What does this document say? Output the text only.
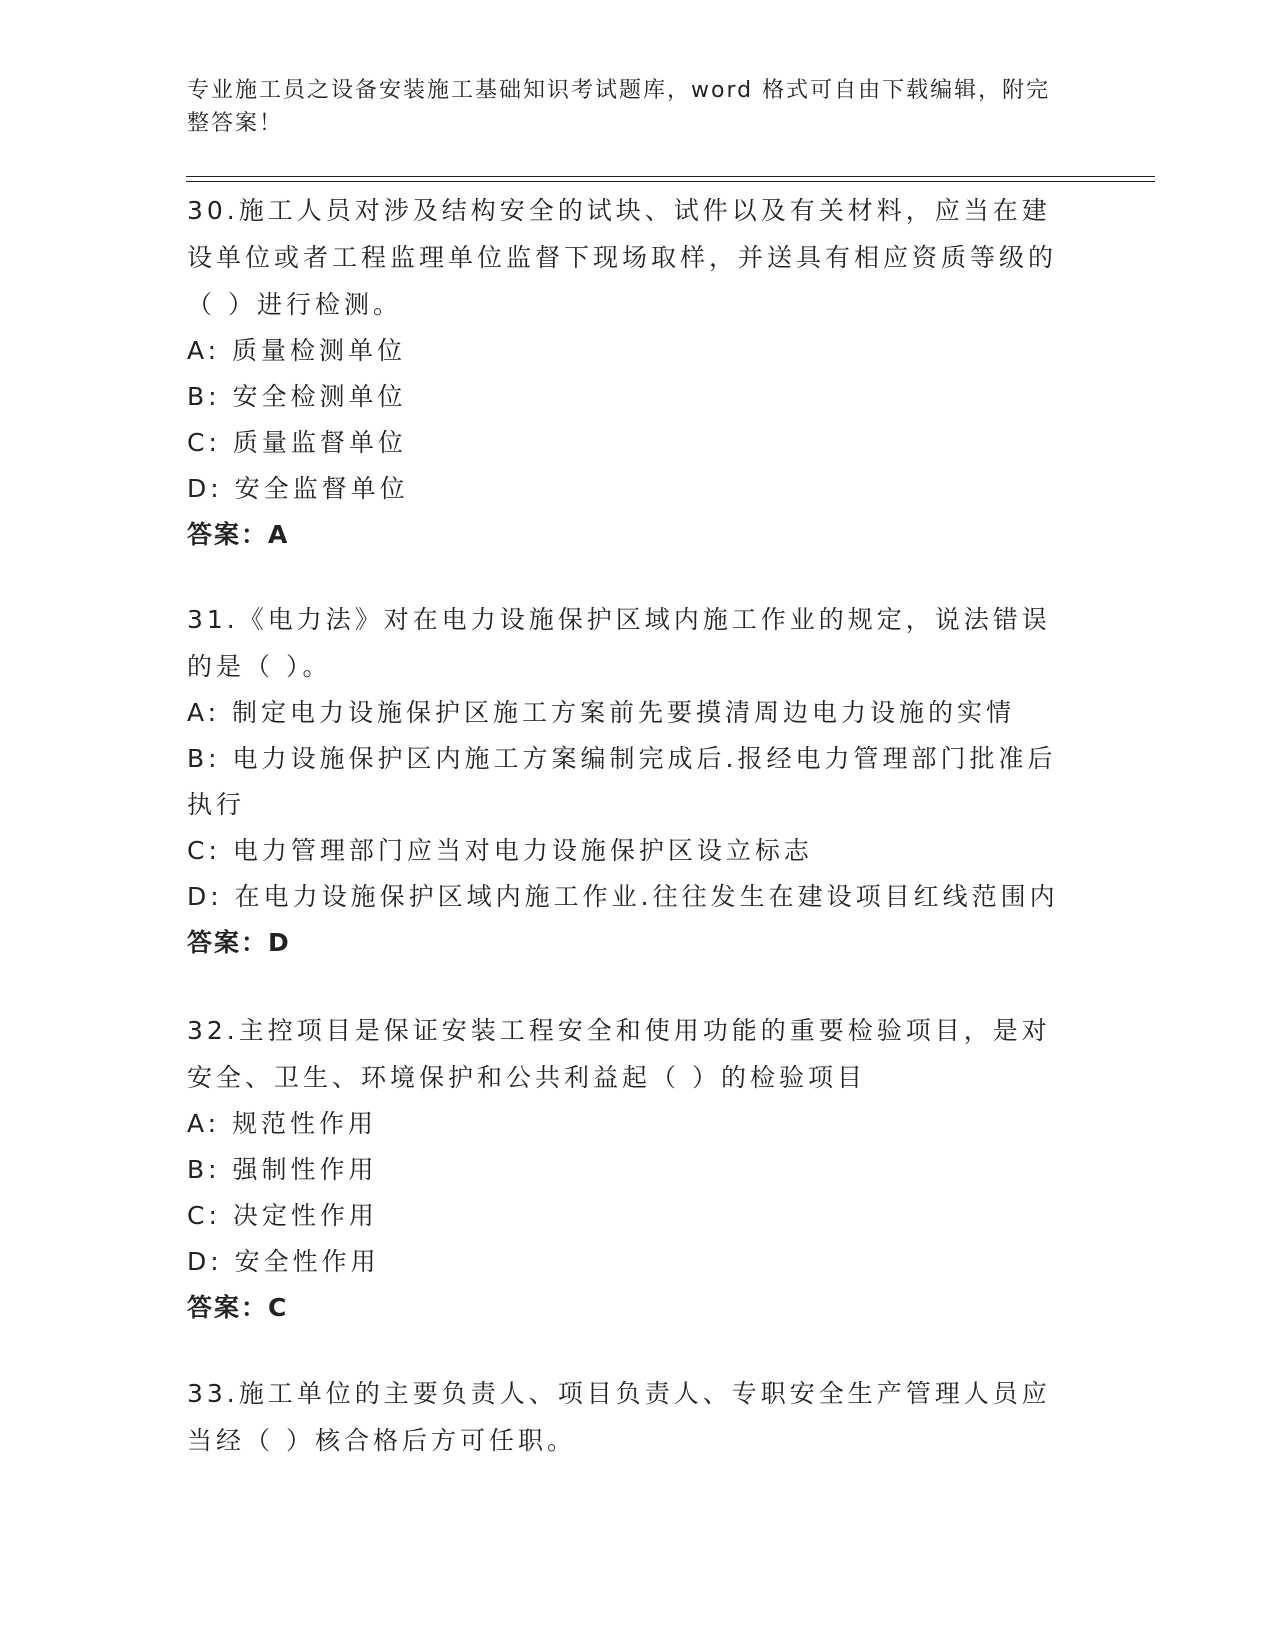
专业施工员之设备安装施工基础知识考试题库，word 格式可自由下载编辑，附完整答案！

30.施工人员对涉及结构安全的试块、试件以及有关材料，应当在建设单位或者工程监理单位监督下现场取样，并送具有相应资质等级的（ ）进行检测。

A: 质量检测单位
B: 安全检测单位
C: 质量监督单位
D: 安全监督单位

答案：A

31.《电力法》对在电力设施保护区域内施工作业的规定，说法错误的是（ ）。

A: 制定电力设施保护区施工方案前先要摸清周边电力设施的实情
B: 电力设施保护区内施工方案编制完成后.报经电力管理部门批准后执行
C: 电力管理部门应当对电力设施保护区设立标志
D: 在电力设施保护区域内施工作业.往往发生在建设项目红线范围内

答案：D

32.主控项目是保证安装工程安全和使用功能的重要检验项目，是对安全、卫生、环境保护和公共利益起（ ）的检验项目

A: 规范性作用
B: 强制性作用
C: 决定性作用
D: 安全性作用

答案：C

33.施工单位的主要负责人、项目负责人、专职安全生产管理人员应当经（ ）核合格后方可任职。
